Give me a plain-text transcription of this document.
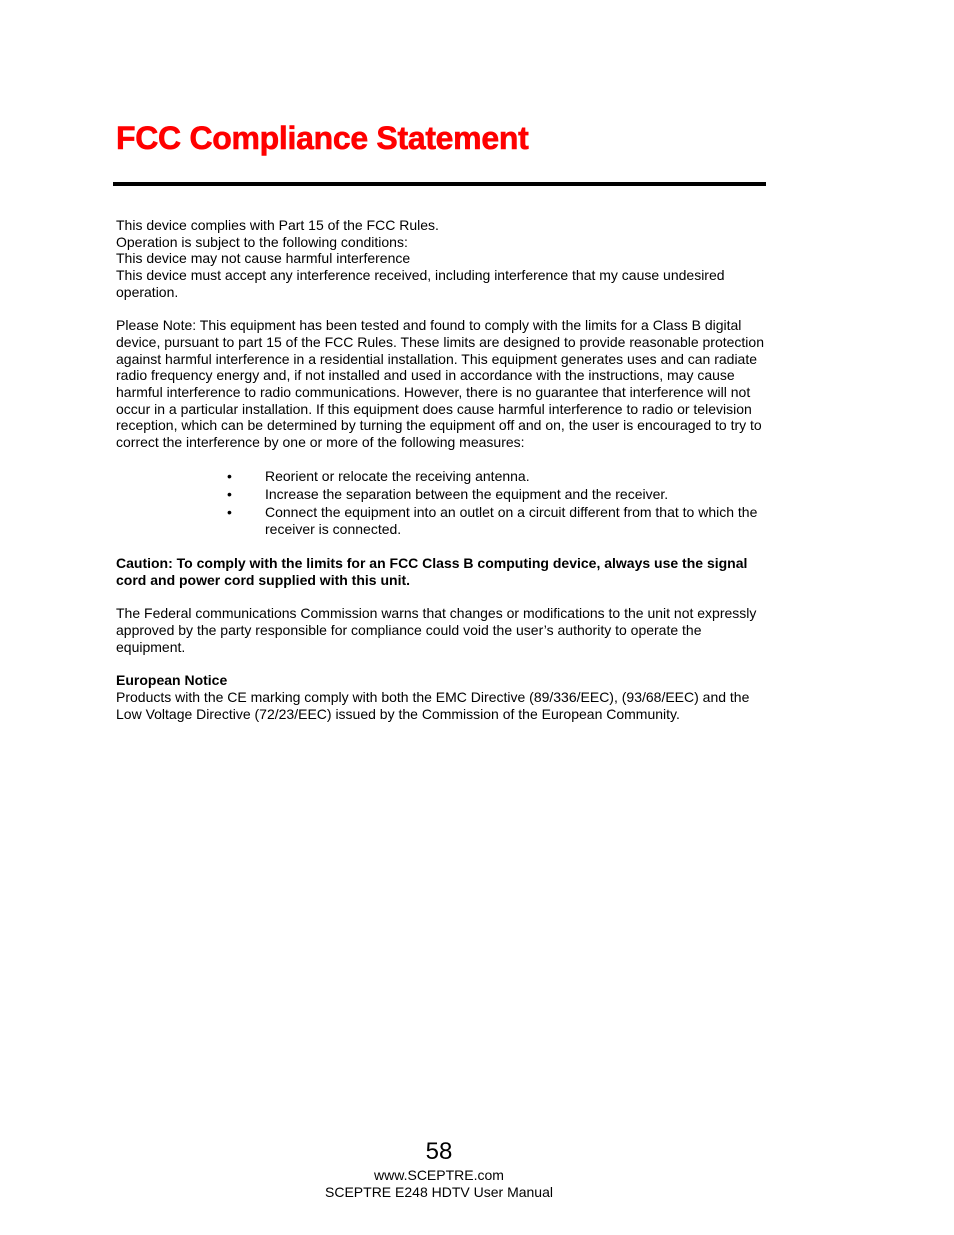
FCC Compliance Statement

This device complies with Part 15 of the FCC Rules.

Operation is subject to the following conditions:

This device may not cause harmful interference

This device must accept any interference received, including interference that my cause undesired operation.

Please Note: This equipment has been tested and found to comply with the limits for a Class B digital device, pursuant to part 15 of the FCC Rules. These limits are designed to provide reasonable protection against harmful interference in a residential installation. This equipment generates uses and can radiate radio frequency energy and, if not installed and used in accordance with the instructions, may cause harmful interference to radio communications. However, there is no guarantee that interference will not occur in a particular installation. If this equipment does cause harmful interference to radio or television reception, which can be determined by turning the equipment off and on, the user is encouraged to try to correct the interference by one or more of the following measures:

• Reorient or relocate the receiving antenna.
• Increase the separation between the equipment and the receiver.
• Connect the equipment into an outlet on a circuit different from that to which the receiver is connected.

Caution: To comply with the limits for an FCC Class B computing device, always use the signal cord and power cord supplied with this unit.

The Federal communications Commission warns that changes or modifications to the unit not expressly approved by the party responsible for compliance could void the user’s authority to operate the equipment.

European Notice

Products with the CE marking comply with both the EMC Directive (89/336/EEC), (93/68/EEC) and the Low Voltage Directive (72/23/EEC) issued by the Commission of the European Community.

58
www.SCEPTRE.com
SCEPTRE E248 HDTV User Manual
